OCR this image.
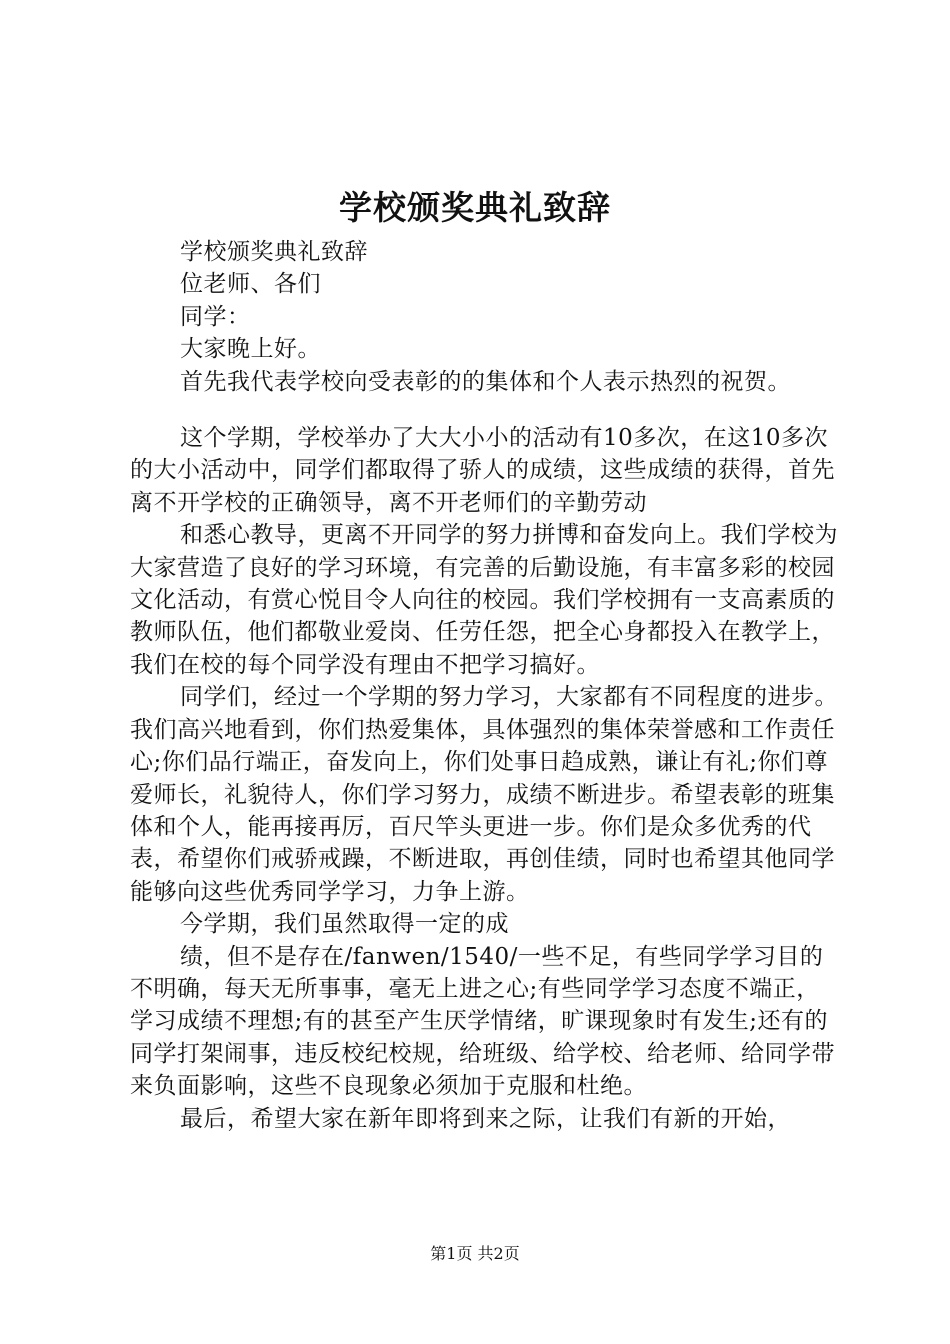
学校颁奖典礼致辞

学校颁奖典礼致辞

位老师、各们

同学：

大家晚上好。

首先我代表学校向受表彰的的集体和个人表示热烈的祝贺。

这个学期，学校举办了大大小小的活动有10多次，在这10多次的大小活动中，同学们都取得了骄人的成绩，这些成绩的获得，首先离不开学校的正确领导，离不开老师们的辛勤劳动

和悉心教导，更离不开同学的努力拼博和奋发向上。我们学校为大家营造了良好的学习环境，有完善的后勤设施，有丰富多彩的校园文化活动，有赏心悦目令人向往的校园。我们学校拥有一支高素质的教师队伍，他们都敬业爱岗、任劳任怨，把全心身都投入在教学上，我们在校的每个同学没有理由不把学习搞好。

同学们，经过一个学期的努力学习，大家都有不同程度的进步。我们高兴地看到，你们热爱集体，具体强烈的集体荣誉感和工作责任心;你们品行端正，奋发向上，你们处事日趋成熟，谦让有礼;你们尊爱师长，礼貌待人，你们学习努力，成绩不断进步。希望表彰的班集体和个人，能再接再厉，百尺竿头更进一步。你们是众多优秀的代表，希望你们戒骄戒躁，不断进取，再创佳绩，同时也希望其他同学能够向这些优秀同学学习，力争上游。

今学期，我们虽然取得一定的成

绩，但不是存在/fanwen/1540/一些不足，有些同学学习目的不明确，每天无所事事，毫无上进之心;有些同学学习态度不端正，学习成绩不理想;有的甚至产生厌学情绪，旷课现象时有发生;还有的同学打架闹事，违反校纪校规，给班级、给学校、给老师、给同学带来负面影响，这些不良现象必须加于克服和杜绝。

最后，希望大家在新年即将到来之际，让我们有新的开始，

第1页 共2页
